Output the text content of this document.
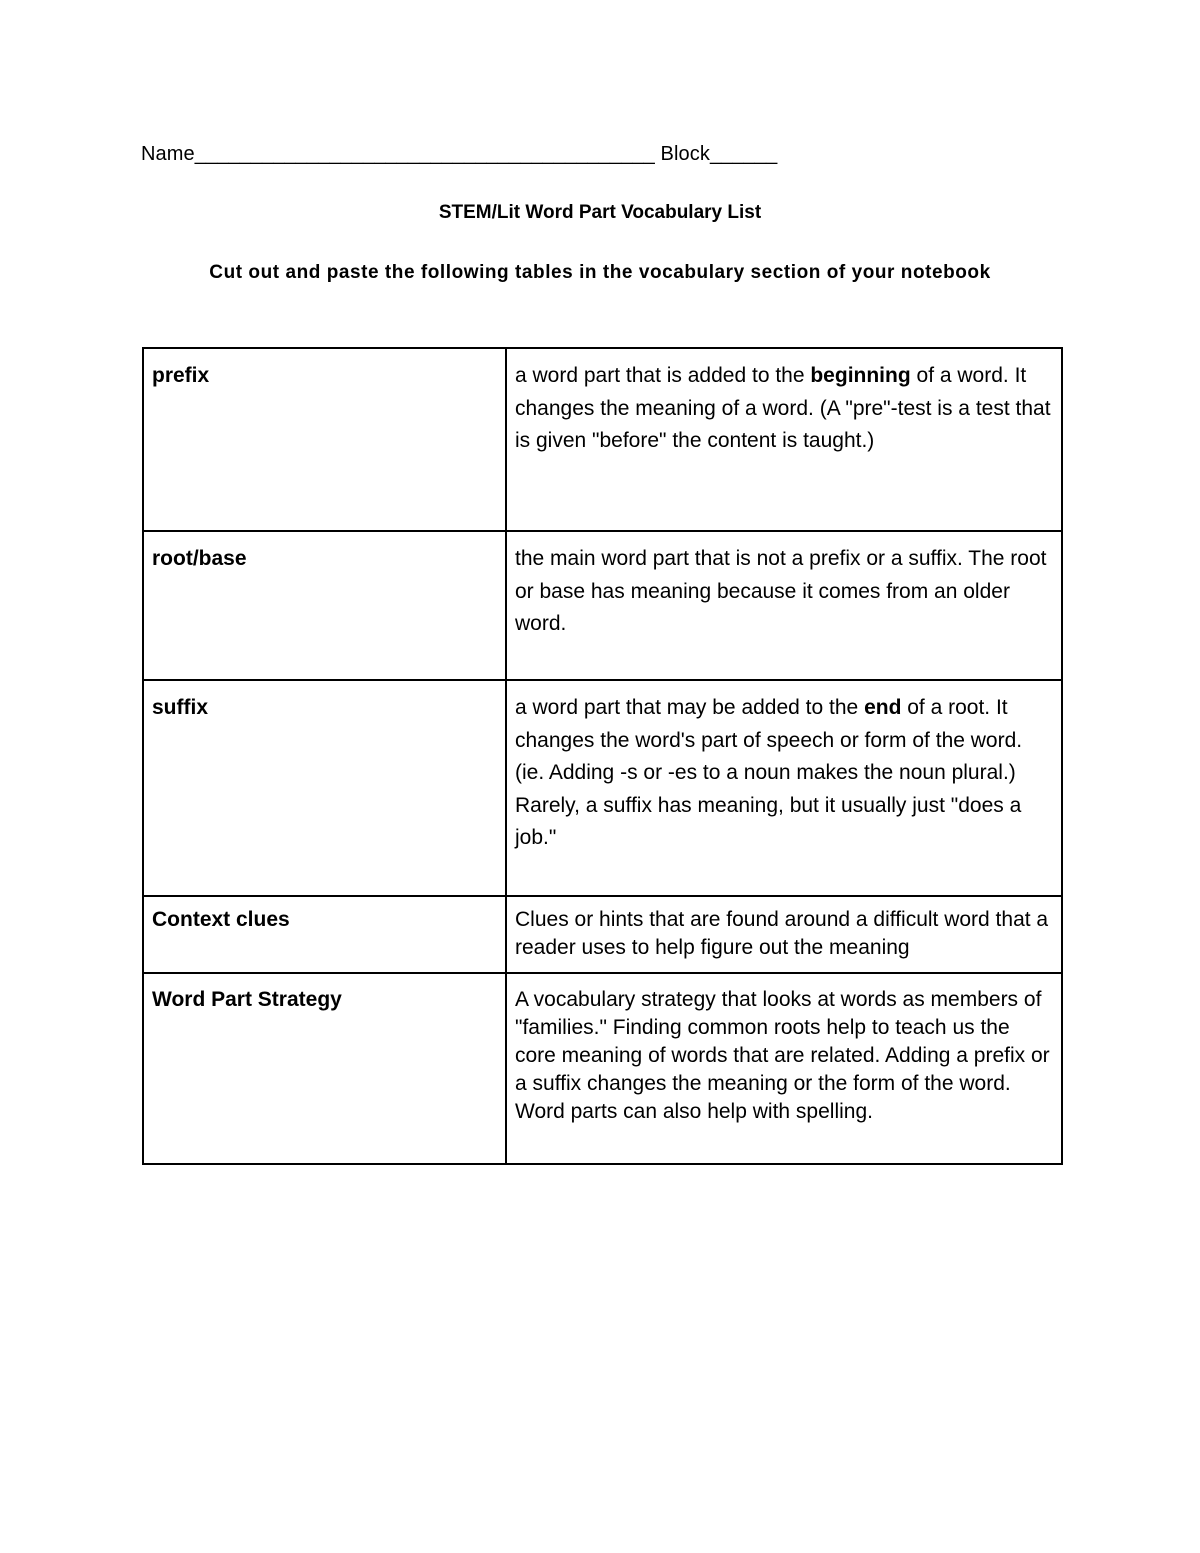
Name_________________________________________ Block______
STEM/Lit Word Part Vocabulary List
Cut out and paste the following tables in the vocabulary section of your notebook
prefix	a word part that is added to the beginning of a word. It changes the meaning of a word. (A "pre"-test is a test that is given "before" the content is taught.)
root/base	the main word part that is not a prefix or a suffix. The root or base has meaning because it comes from an older word.
suffix	a word part that may be added to the end of a root. It changes the word's part of speech or form of the word. (ie. Adding -s or -es to a noun makes the noun plural.) Rarely, a suffix has meaning, but it usually just "does a job."
Context clues	Clues or hints that are found around a difficult word that a reader uses to help figure out the meaning
Word Part Strategy	A vocabulary strategy that looks at words as members of "families." Finding common roots help to teach us the core meaning of words that are related. Adding a prefix or a suffix changes the meaning or the form of the word. Word parts can also help with spelling.
